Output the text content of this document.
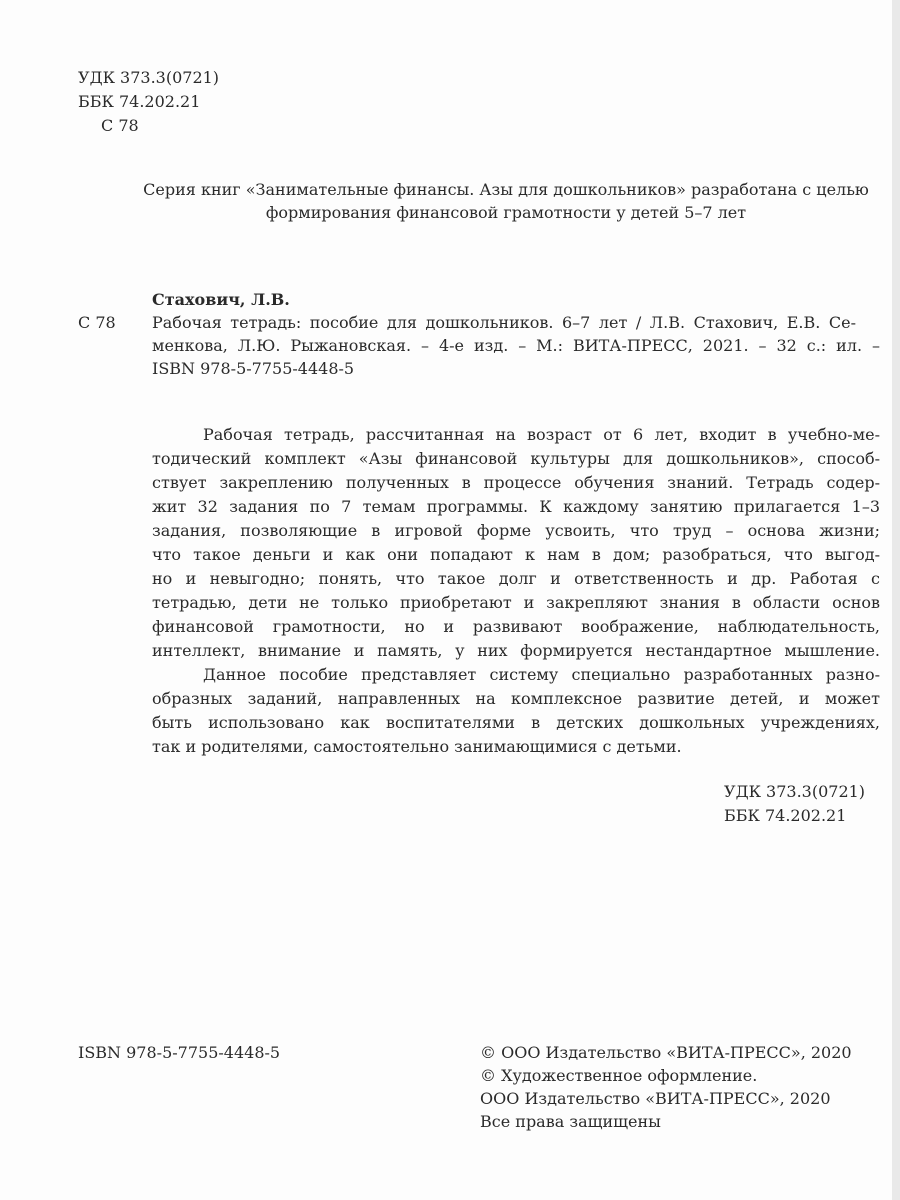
УДК 373.3(0721)
ББК 74.202.21
С 78
Серия книг «Занимательные финансы. Азы для дошкольников» разработана с целью
формирования финансовой грамотности у детей 5–7 лет
Стахович, Л.В.
С 78 Рабочая тетрадь: пособие для дошкольников. 6–7 лет / Л.В. Стахович, Е.В. Се-
менкова, Л.Ю. Рыжановская. – 4-е изд. – М.: ВИТА-ПРЕСС, 2021. – 32 с.: ил. –
ISBN 978-5-7755-4448-5
Рабочая тетрадь, рассчитанная на возраст от 6 лет, входит в учебно-ме-
тодический комплект «Азы финансовой культуры для дошкольников», способ-
ствует закреплению полученных в процессе обучения знаний. Тетрадь содер-
жит 32 задания по 7 темам программы. К каждому занятию прилагается 1–3
задания, позволяющие в игровой форме усвоить, что труд – основа жизни;
что такое деньги и как они попадают к нам в дом; разобраться, что выгод-
но и невыгодно; понять, что такое долг и ответственность и др. Работая с
тетрадью, дети не только приобретают и закрепляют знания в области основ
финансовой грамотности, но и развивают воображение, наблюдательность,
интеллект, внимание и память, у них формируется нестандартное мышление.
Данное пособие представляет систему специально разработанных разно-
образных заданий, направленных на комплексное развитие детей, и может
быть использовано как воспитателями в детских дошкольных учреждениях,
так и родителями, самостоятельно занимающимися с детьми.
УДК 373.3(0721)
ББК 74.202.21
ISBN 978-5-7755-4448-5	© ООО Издательство «ВИТА-ПРЕСС», 2020
© Художественное оформление.
ООО Издательство «ВИТА-ПРЕСС», 2020
Все права защищены
